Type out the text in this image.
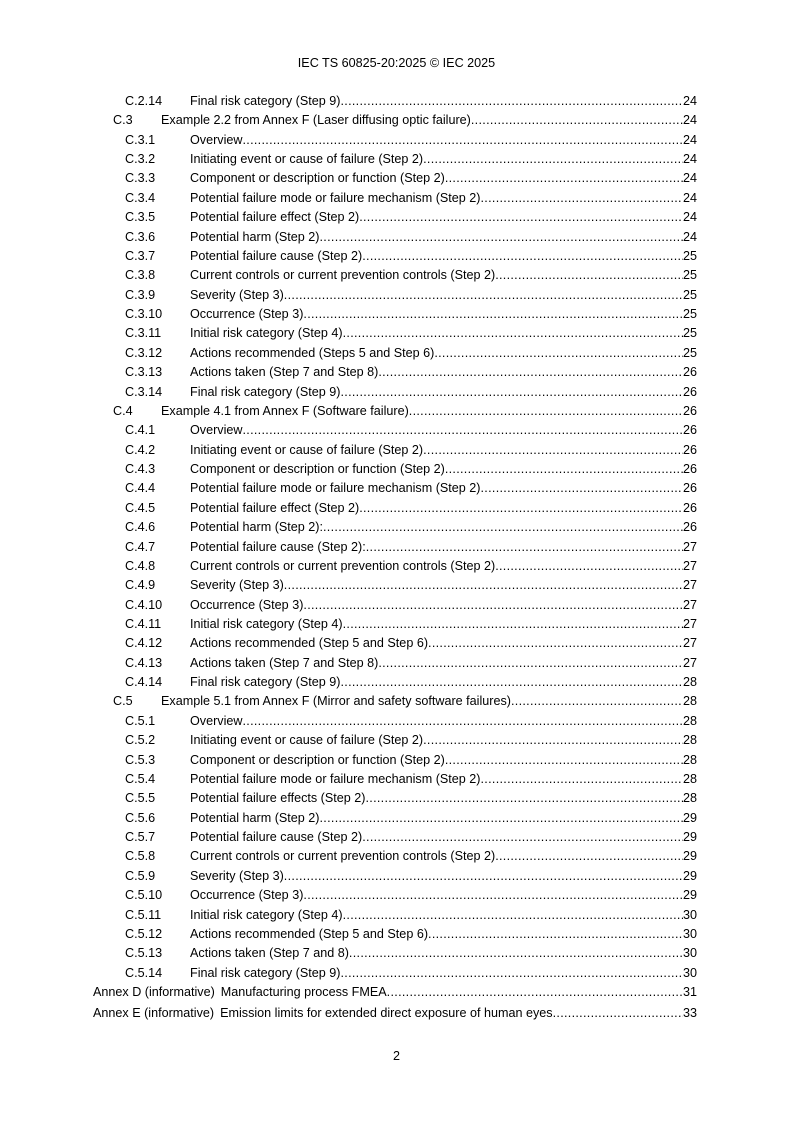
IEC TS 60825-20:2025 © IEC 2025
C.2.14	Final risk category (Step 9) .....	24
C.3	Example 2.2 from Annex F (Laser diffusing optic failure) .....	24
C.3.1	Overview .....	24
C.3.2	Initiating event or cause of failure (Step 2) .....	24
C.3.3	Component or description or function (Step 2) .....	24
C.3.4	Potential failure mode or failure mechanism (Step 2) .....	24
C.3.5	Potential failure effect (Step 2) .....	24
C.3.6	Potential harm (Step 2) .....	24
C.3.7	Potential failure cause (Step 2) .....	25
C.3.8	Current controls or current prevention controls (Step 2) .....	25
C.3.9	Severity (Step 3) .....	25
C.3.10	Occurrence (Step 3) .....	25
C.3.11	Initial risk category (Step 4) .....	25
C.3.12	Actions recommended (Steps 5 and Step 6) .....	25
C.3.13	Actions taken (Step 7 and Step 8) .....	26
C.3.14	Final risk category (Step 9) .....	26
C.4	Example 4.1 from Annex F (Software failure) .....	26
C.4.1	Overview .....	26
C.4.2	Initiating event or cause of failure (Step 2) .....	26
C.4.3	Component or description or function (Step 2) .....	26
C.4.4	Potential failure mode or failure mechanism (Step 2) .....	26
C.4.5	Potential failure effect (Step 2) .....	26
C.4.6	Potential harm (Step 2): .....	26
C.4.7	Potential failure cause (Step 2): .....	27
C.4.8	Current controls or current prevention controls (Step 2) .....	27
C.4.9	Severity (Step 3) .....	27
C.4.10	Occurrence (Step 3) .....	27
C.4.11	Initial risk category (Step 4) .....	27
C.4.12	Actions recommended (Step 5 and Step 6) .....	27
C.4.13	Actions taken (Step 7 and Step 8) .....	27
C.4.14	Final risk category (Step 9) .....	28
C.5	Example 5.1 from Annex F (Mirror and safety software failures) .....	28
C.5.1	Overview .....	28
C.5.2	Initiating event or cause of failure (Step 2) .....	28
C.5.3	Component or description or function (Step 2) .....	28
C.5.4	Potential failure mode or failure mechanism (Step 2) .....	28
C.5.5	Potential failure effects (Step 2) .....	28
C.5.6	Potential harm (Step 2) .....	29
C.5.7	Potential failure cause (Step 2) .....	29
C.5.8	Current controls or current prevention controls (Step 2) .....	29
C.5.9	Severity (Step 3) .....	29
C.5.10	Occurrence (Step 3) .....	29
C.5.11	Initial risk category (Step 4) .....	30
C.5.12	Actions recommended (Step 5 and Step 6) .....	30
C.5.13	Actions taken (Step 7 and 8) .....	30
C.5.14	Final risk category (Step 9) .....	30
Annex D (informative) Manufacturing process FMEA .....	31
Annex E (informative) Emission limits for extended direct exposure of human eyes .....	33
2
